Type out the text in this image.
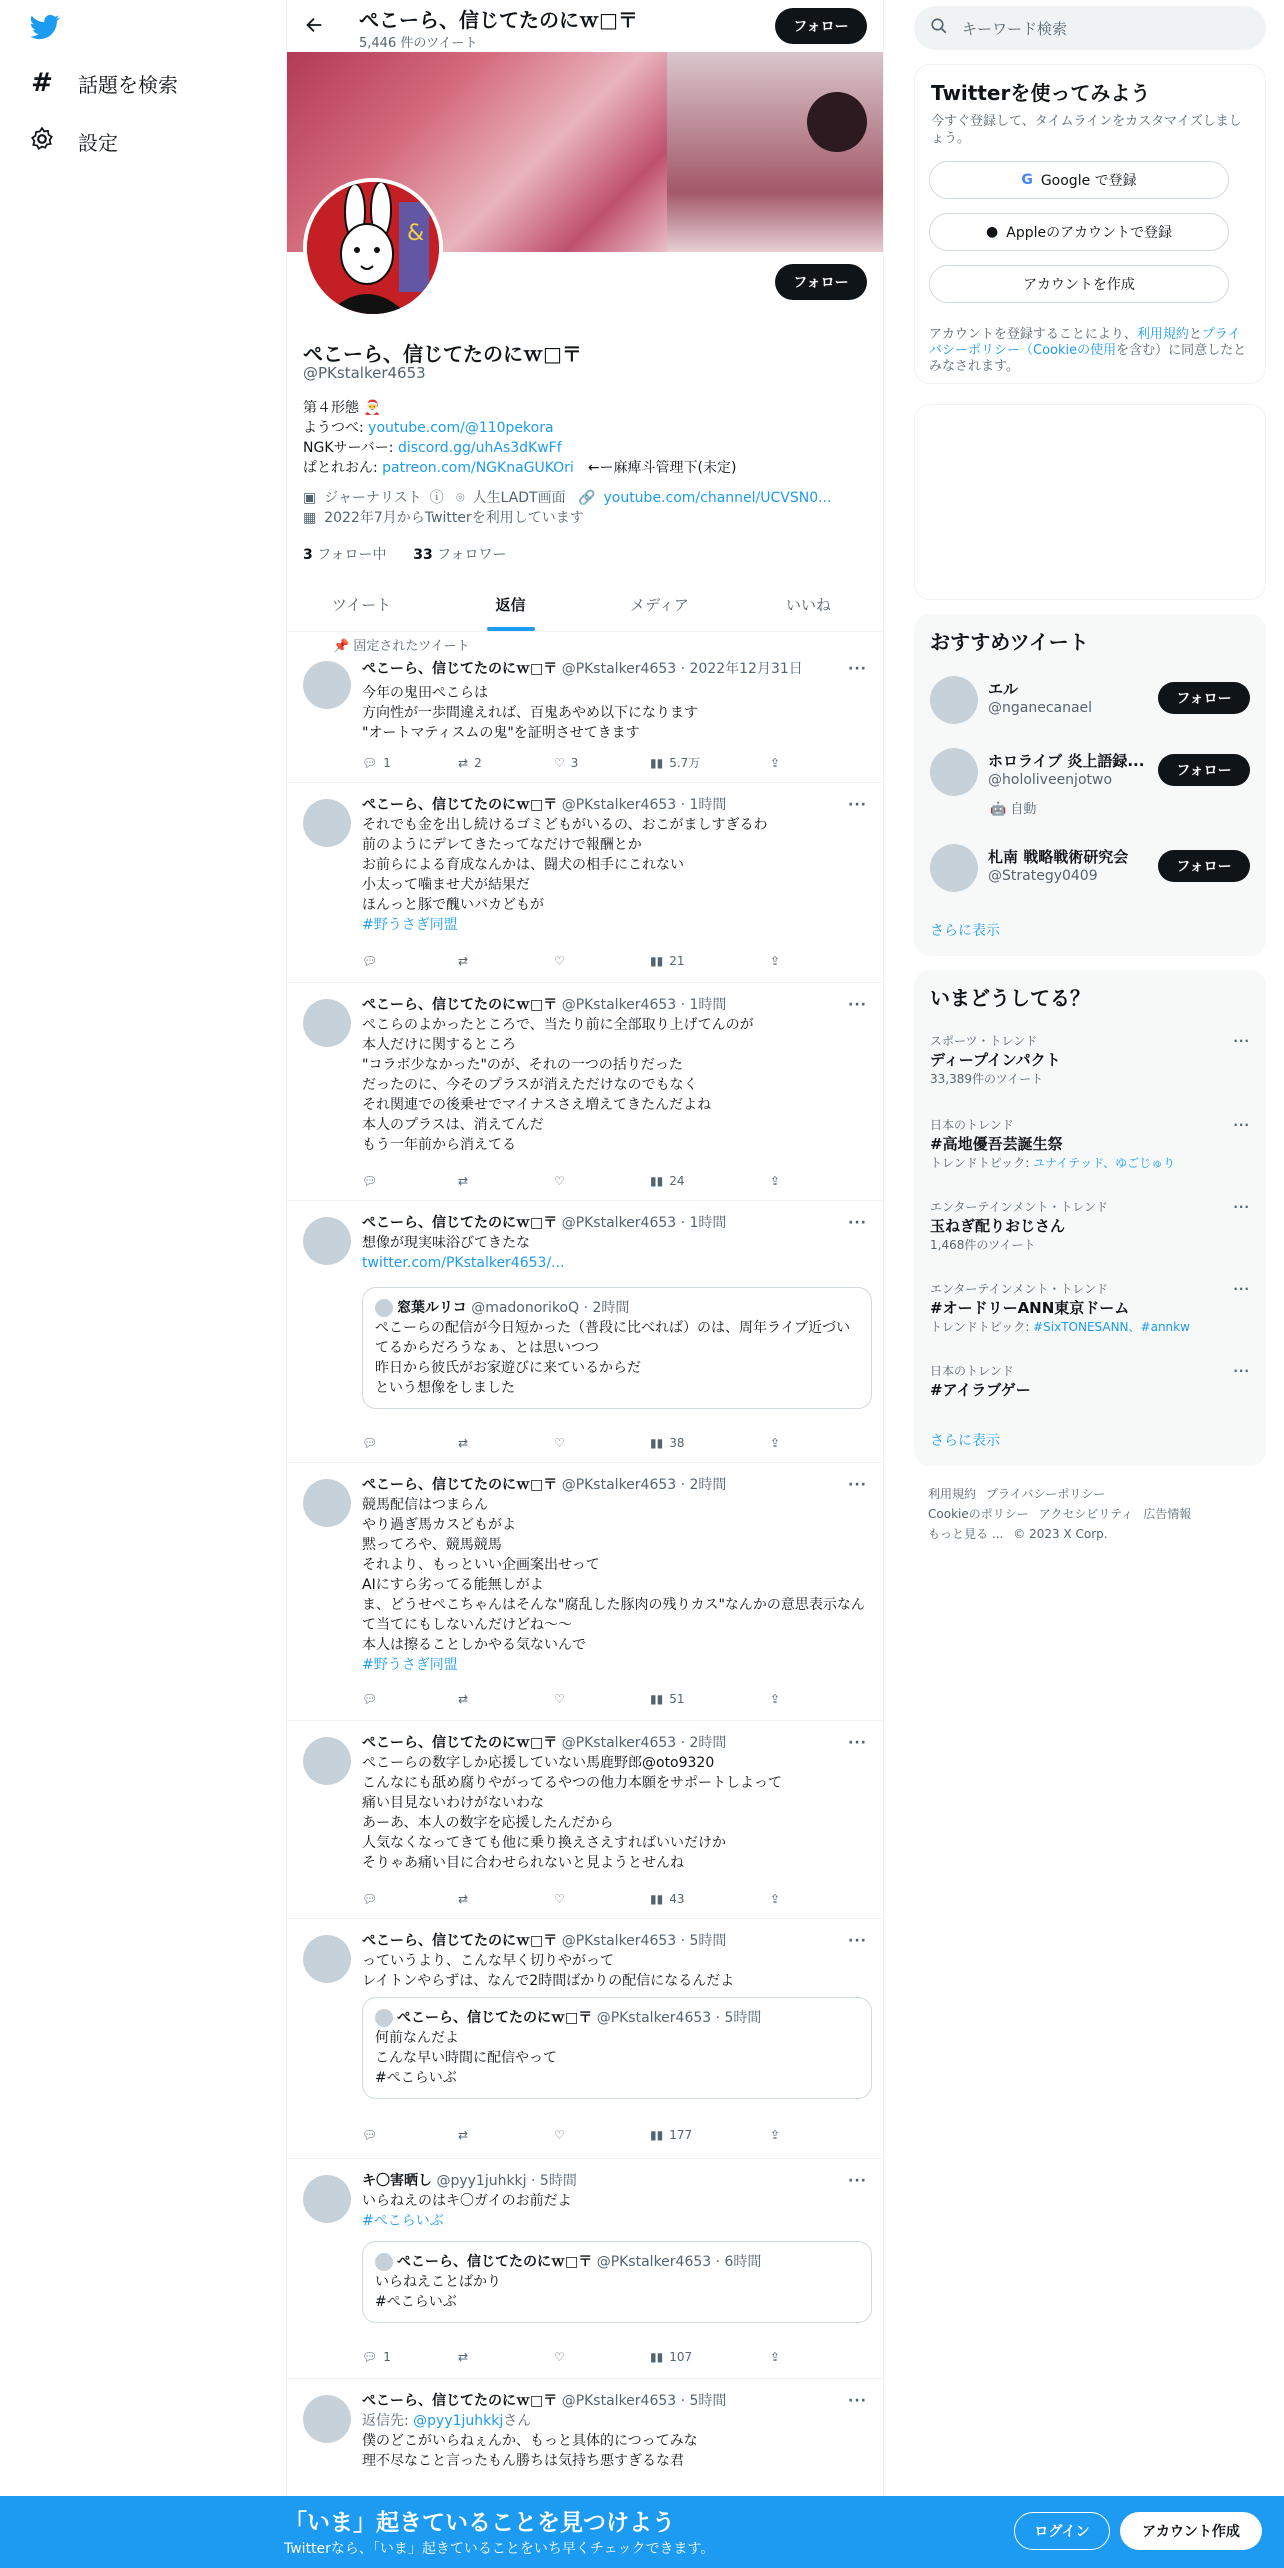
# 話題を検索
設定
ぺこーら、信じてたのにｗ□〒
5,446 件のツイート
フォロー
&
フォロー
ぺこーら、信じてたのにｗ□〒
@PKstalker4653
第４形態 🎅
ようつべ: youtube.com/@110pekora
NGKサーバー: discord.gg/uhAs3dKwFf
ぱとれおん: patreon.com/NGKnaGUKOri　←ー麻痺斗管理下(未定)
▣ ジャーナリスト ⓘ ⌾ 人生LADT画面 🔗 youtube.com/channel/UCVSN0...
▦ 2022年7月からTwitterを利用しています
3 フォロー中 33 フォロワー
ツイート	返信	メディア	いいね
📌 固定されたツイート
ぺこーら、信じてたのにｗ□〒 @PKstalker4653 · 2022年12月31日	···
今年の鬼田ぺこらは
方向性が一歩間違えれば、百鬼あやめ以下になります
"オートマティスムの鬼"を証明させてきます
💬︎ 1	⇄ 2	♡ 3	▮▮ 5.7万	⇪
ぺこーら、信じてたのにｗ□〒 @PKstalker4653 · 1時間	···
それでも金を出し続けるゴミどもがいるの、おこがましすぎるわ
前のようにデレてきたってなだけで報酬とか
お前らによる育成なんかは、闘犬の相手にこれない
小太って噛ませ犬が結果だ
ほんっと豚で醜いバカどもが
#野うさぎ同盟
💬︎	⇄	♡	▮▮ 21	⇪
ぺこーら、信じてたのにｗ□〒 @PKstalker4653 · 1時間	···
ぺこらのよかったところで、当たり前に全部取り上げてんのが
本人だけに関するところ
"コラボ少なかった"のが、それの一つの括りだった
だったのに、今そのプラスが消えただけなのでもなく
それ関連での後乗せでマイナスさえ増えてきたんだよね
本人のプラスは、消えてんだ
もう一年前から消えてる
💬︎	⇄	♡	▮▮ 24	⇪
ぺこーら、信じてたのにｗ□〒 @PKstalker4653 · 1時間	···
想像が現実味浴びてきたな
twitter.com/PKstalker4653/...
窓葉ルリコ @madonorikoQ · 2時間
ぺこーらの配信が今日短かった（普段に比べれば）のは、周年ライブ近づいてるからだろうなぁ、とは思いつつ
昨日から彼氏がお家遊びに来ているからだ
という想像をしました
💬︎	⇄	♡	▮▮ 38	⇪
ぺこーら、信じてたのにｗ□〒 @PKstalker4653 · 2時間	···
競馬配信はつまらん
やり過ぎ馬カスどもがよ
黙ってろや、競馬競馬
それより、もっといい企画案出せって
AIにすら劣ってる能無しがよ
ま、どうせぺこちゃんはそんな"腐乱した豚肉の残りカス"なんかの意思表示なんて当てにもしないんだけどね〜〜
本人は擦ることしかやる気ないんで
#野うさぎ同盟
💬︎	⇄	♡	▮▮ 51	⇪
ぺこーら、信じてたのにｗ□〒 @PKstalker4653 · 2時間	···
ぺこーらの数字しか応援していない馬鹿野郎@oto9320
こんなにも舐め腐りやがってるやつの他力本願をサポートしよって
痛い目見ないわけがないわな
あーあ、本人の数字を応援したんだから
人気なくなってきても他に乗り換えさえすればいいだけか
そりゃあ痛い目に合わせられないと見ようとせんね
💬︎	⇄	♡	▮▮ 43	⇪
ぺこーら、信じてたのにｗ□〒 @PKstalker4653 · 5時間	···
っていうより、こんな早く切りやがって
レイトンやらずは、なんで2時間ばかりの配信になるんだよ
ぺこーら、信じてたのにｗ□〒 @PKstalker4653 · 5時間
何前なんだよ
こんな早い時間に配信やって
#ぺこらいぶ
💬︎	⇄	♡	▮▮ 177	⇪
キ〇害晒し @pyy1juhkkj · 5時間	···
いらねえのはキ〇ガイのお前だよ
#ぺこらいぶ
ぺこーら、信じてたのにｗ□〒 @PKstalker4653 · 6時間
いらねえことばかり
#ぺこらいぶ
💬︎ 1	⇄	♡	▮▮ 107	⇪
ぺこーら、信じてたのにｗ□〒 @PKstalker4653 · 5時間	···
返信先: @pyy1juhkkjさん
僕のどこがいらねぇんか、もっと具体的につってみな
理不尽なこと言ったもん勝ちは気持ち悪すぎるな君
キーワード検索
Twitterを使ってみよう
今すぐ登録して、タイムラインをカスタマイズしましょう。
G Google で登録
● Appleのアカウントで登録
アカウントを作成
アカウントを登録することにより、利用規約とプライバシーポリシー（Cookieの使用を含む）に同意したとみなされます。
おすすめツイート
エル
@nganecanael
フォロー
ホロライブ 炎上語録...
@hololiveenjotwo
🤖 自動
フォロー
札南 戦略戦術研究会
@Strategy0409
フォロー
さらに表示
いまどうしてる？
スポーツ・トレンド
ディープインパクト
33,389件のツイート
···
日本のトレンド
#高地優吾芸誕生祭
トレンドトピック: ユナイテッド、ゆごじゅり
···
エンターテインメント・トレンド
玉ねぎ配りおじさん
1,468件のツイート
···
エンターテインメント・トレンド
#オードリーANN東京ドーム
トレンドトピック: #SixTONESANN、#annkw
···
日本のトレンド
#アイラブゲー
···
さらに表示
利用規約 プライバシーポリシー
Cookieのポリシー アクセシビリティ 広告情報
もっと見る ... © 2023 X Corp.
「いま」起きていることを見つけよう
Twitterなら、「いま」起きていることをいち早くチェックできます。
ログイン	アカウント作成
